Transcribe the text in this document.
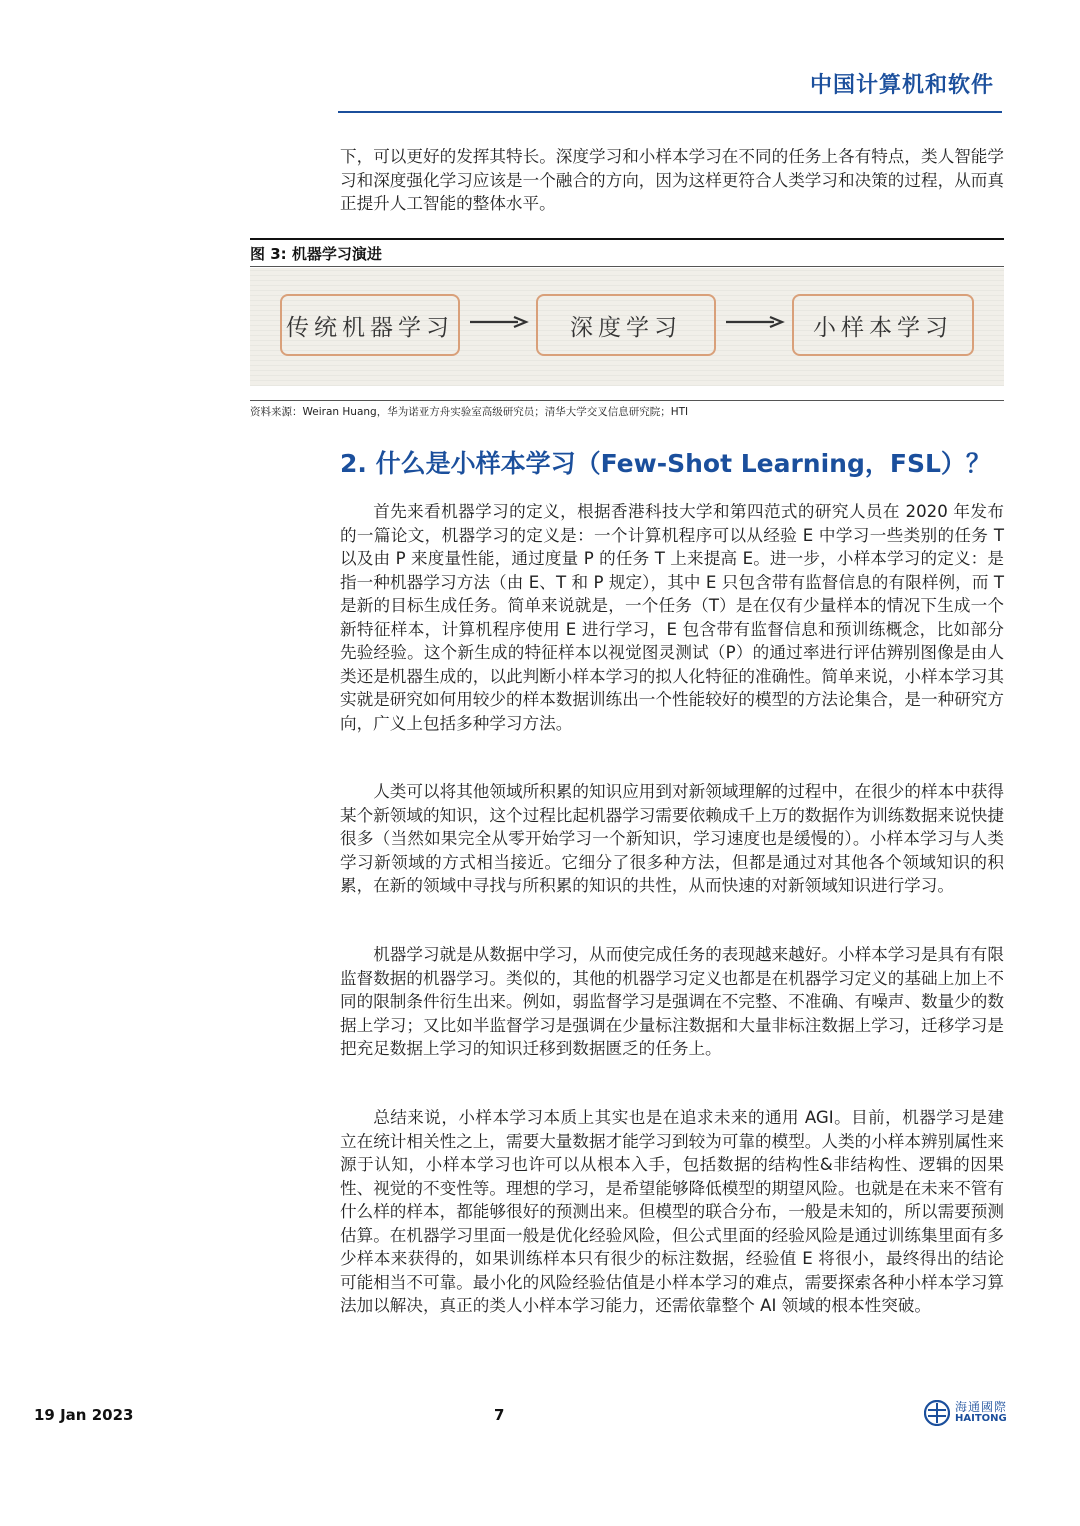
中国计算机和软件

下，可以更好的发挥其特长。深度学习和小样本学习在不同的任务上各有特点，类人智能学习和深度强化学习应该是一个融合的方向，因为这样更符合人类学习和决策的过程，从而真正提升人工智能的整体水平。

图 3: 机器学习演进
传统机器学习	深度学习	小样本学习
资料来源：Weiran Huang，华为诺亚方舟实验室高级研究员；清华大学交叉信息研究院；HTI
2. 什么是小样本学习（Few-Shot Learning，FSL）？

首先来看机器学习的定义，根据香港科技大学和第四范式的研究人员在 2020 年发布的一篇论文，机器学习的定义是：一个计算机程序可以从经验 E 中学习一些类别的任务 T 以及由 P 来度量性能，通过度量 P 的任务 T 上来提高 E。进一步，小样本学习的定义：是指一种机器学习方法（由 E、T 和 P 规定），其中 E 只包含带有监督信息的有限样例，而 T 是新的目标生成任务。简单来说就是，一个任务（T）是在仅有少量样本的情况下生成一个新特征样本，计算机程序使用 E 进行学习，E 包含带有监督信息和预训练概念，比如部分先验经验。这个新生成的特征样本以视觉图灵测试（P）的通过率进行评估辨别图像是由人类还是机器生成的，以此判断小样本学习的拟人化特征的准确性。简单来说，小样本学习其实就是研究如何用较少的样本数据训练出一个性能较好的模型的方法论集合，是一种研究方向，广义上包括多种学习方法。

人类可以将其他领域所积累的知识应用到对新领域理解的过程中，在很少的样本中获得某个新领域的知识，这个过程比起机器学习需要依赖成千上万的数据作为训练数据来说快捷很多（当然如果完全从零开始学习一个新知识，学习速度也是缓慢的）。小样本学习与人类学习新领域的方式相当接近。它细分了很多种方法，但都是通过对其他各个领域知识的积累，在新的领域中寻找与所积累的知识的共性，从而快速的对新领域知识进行学习。

机器学习就是从数据中学习，从而使完成任务的表现越来越好。小样本学习是具有有限监督数据的机器学习。类似的，其他的机器学习定义也都是在机器学习定义的基础上加上不同的限制条件衍生出来。例如，弱监督学习是强调在不完整、不准确、有噪声、数量少的数据上学习；又比如半监督学习是强调在少量标注数据和大量非标注数据上学习，迁移学习是把充足数据上学习的知识迁移到数据匮乏的任务上。

总结来说，小样本学习本质上其实也是在追求未来的通用 AGI。目前，机器学习是建立在统计相关性之上，需要大量数据才能学习到较为可靠的模型。人类的小样本辨别属性来源于认知，小样本学习也许可以从根本入手，包括数据的结构性&非结构性、逻辑的因果性、视觉的不变性等。理想的学习，是希望能够降低模型的期望风险。也就是在未来不管有什么样的样本，都能够很好的预测出来。但模型的联合分布，一般是未知的，所以需要预测估算。在机器学习里面一般是优化经验风险，但公式里面的经验风险是通过训练集里面有多少样本来获得的，如果训练样本只有很少的标注数据，经验值 E 将很小，最终得出的结论可能相当不可靠。最小化的风险经验估值是小样本学习的难点，需要探索各种小样本学习算法加以解决，真正的类人小样本学习能力，还需依靠整个 AI 领域的根本性突破。

19 Jan 2023	7	海通國際
HAITONG
